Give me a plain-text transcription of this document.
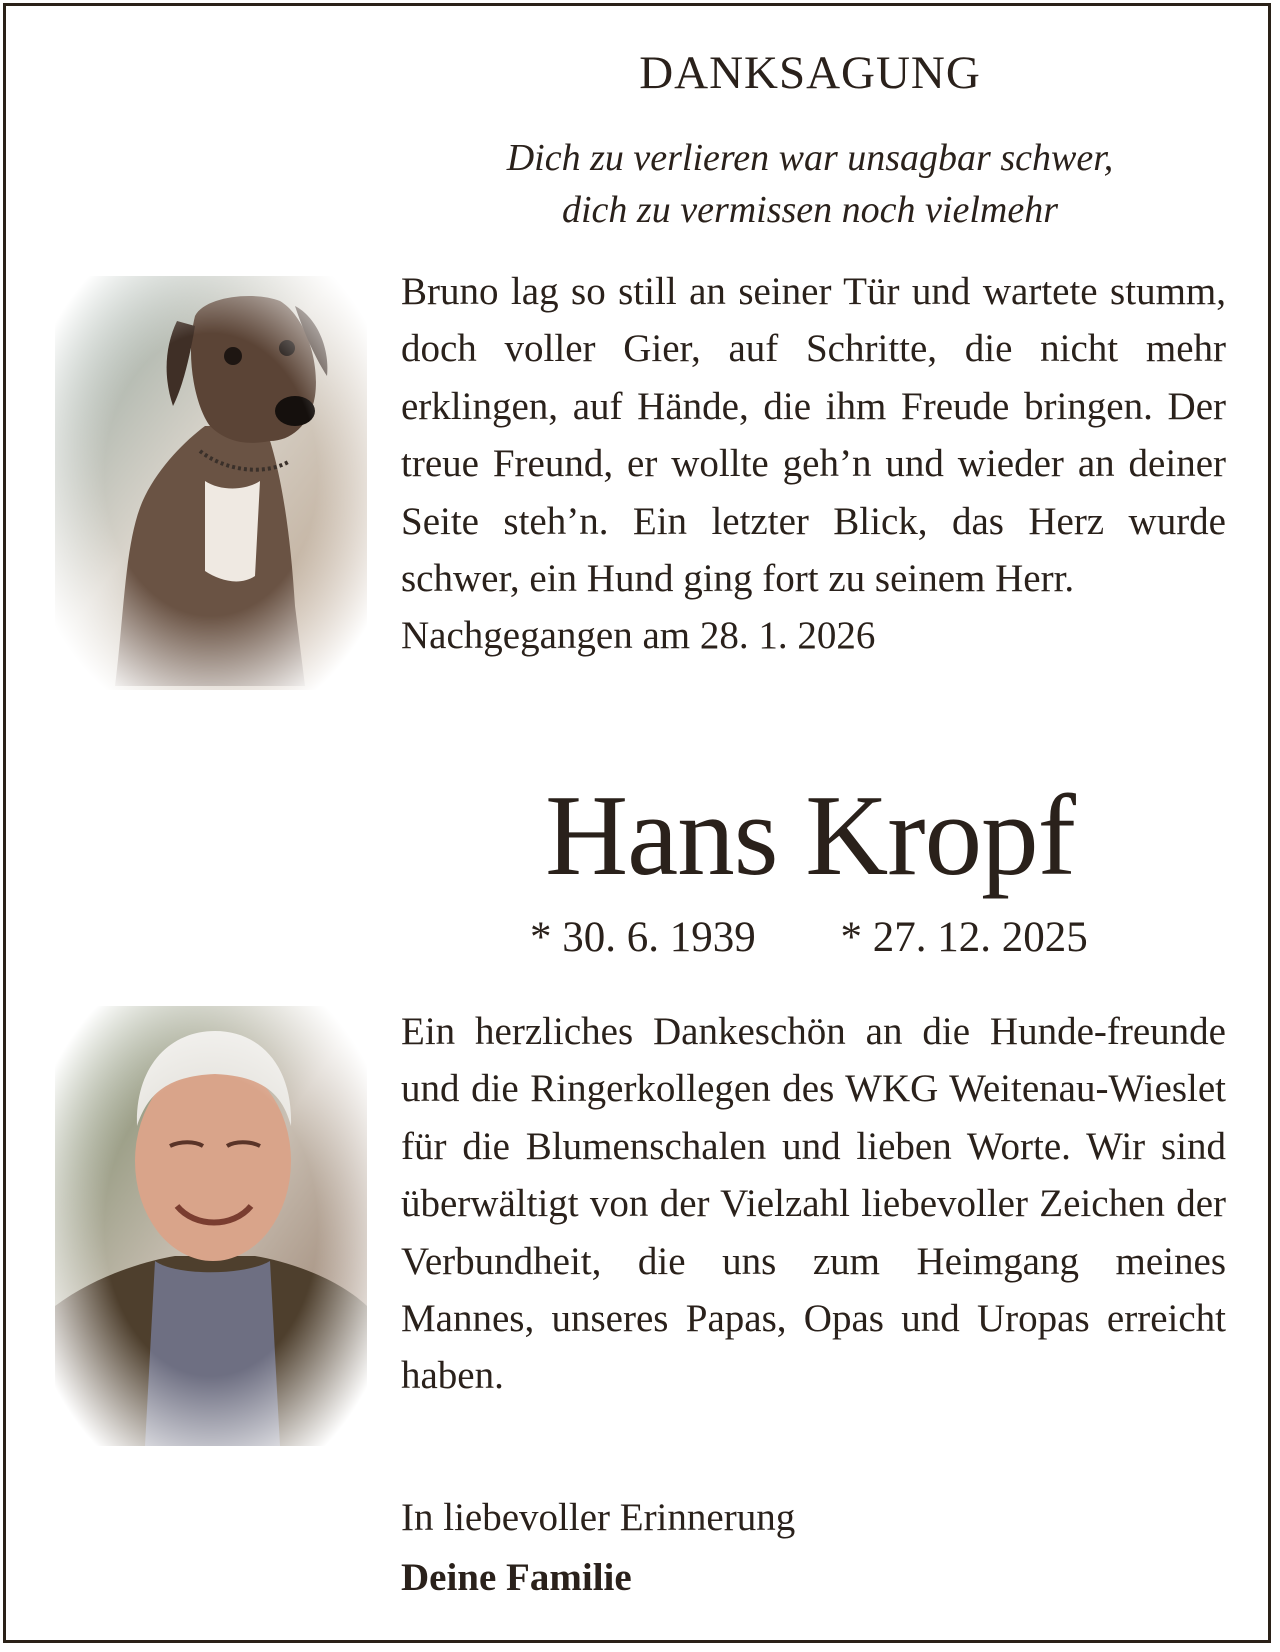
DANKSAGUNG
Dich zu verlieren war unsagbar schwer,
dich zu vermissen noch vielmehr
Bruno lag so still an seiner Tür und wartete stumm, doch voller Gier, auf Schritte, die nicht mehr erklingen, auf Hände, die ihm Freude bringen. Der treue Freund, er wollte geh’n und wieder an deiner Seite steh’n. Ein letzter Blick, das Herz wurde schwer, ein Hund ging fort zu seinem Herr.
Nachgegangen am 28. 1. 2026
Hans Kropf
* 30. 6. 1939 * 27. 12. 2025
Ein herzliches Dankeschön an die Hunde-freunde und die Ringerkollegen des WKG Weitenau-Wieslet für die Blumenschalen und lieben Worte. Wir sind überwältigt von der Vielzahl liebevoller Zeichen der Verbundheit, die uns zum Heimgang meines Mannes, unseres Papas, Opas und Uropas erreicht haben.
In liebevoller Erinnerung
Deine Familie
